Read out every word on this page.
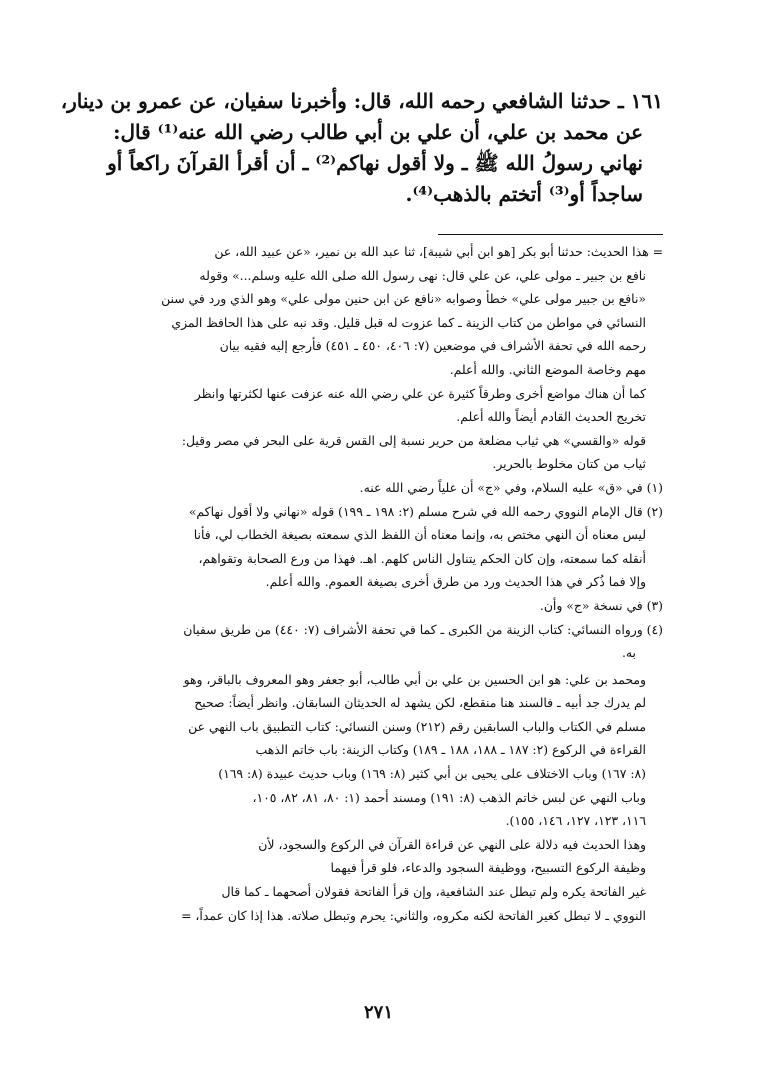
١٦١ ـ حدثنا الشافعي رحمه الله، قال: وأخبرنا سفيان، عن عمرو بن دينار،
عن محمد بن علي، أن علي بن أبي طالب رضي الله عنه⁽¹⁾ قال:
نهاني رسولُ الله ﷺ ـ ولا أقول نهاكم⁽²⁾ ـ أن أقرأ القرآنَ راكعاً أو
ساجداً أو⁽³⁾ أتختم بالذهب⁽⁴⁾.
= هذا الحديث: حدثنا أبو بكر [هو ابن أبي شيبة]، ثنا عبد الله بن نمير، «عن عبيد الله، عن
نافع بن جبير ـ مولى علي، عن علي قال: نهى رسول الله صلى الله عليه وسلم...» وقوله
«نافع بن جبير مولى علي» خطأ وصوابه «نافع عن ابن حنين مولى علي» وهو الذي ورد في سنن
النسائي في مواطن من كتاب الزينة ـ كما عزوت له قبل قليل. وقد نبه على هذا الحافظ المزي
رحمه الله في تحفة الأشراف في موضعين (٧: ٤٠٦، ٤٥٠ ـ ٤٥١) فأرجع إليه فقيه بيان
مهم وخاصة الموضع الثاني. والله أعلم.
كما أن هناك مواضع أخرى وطرقاً كثيرة عن علي رضي الله عنه عزفت عنها لكثرتها وانظر
تخريج الحديث القادم أيضاً والله أعلم.
قوله «والقسي» هي ثياب مضلعة من حرير نسبة إلى القس قرية على البحر في مصر وقيل:
ثياب من كتان مخلوط بالحرير.
(١) في «ق» عليه السلام، وفي «ج» أن علياً رضي الله عنه.
(٢) قال الإمام النووي رحمه الله في شرح مسلم (٢: ١٩٨ ـ ١٩٩) قوله «نهاني ولا أقول نهاكم»
ليس معناه أن النهي مختص به، وإنما معناه أن اللفظ الذي سمعته بصيغة الخطاب لي، فأنا
أنقله كما سمعته، وإن كان الحكم يتناول الناس كلهم. اهـ. فهذا من ورع الصحابة وتقواهم،
وإلا فما ذُكر في هذا الحديث ورد من طرق أخرى بصيغة العموم. والله أعلم.
(٣) في نسخة «ج» وأن.
(٤) ورواه النسائي: كتاب الزينة من الكبرى ـ كما في تحفة الأشراف (٧: ٤٤٠) من طريق سفيان
به.
ومحمد بن علي: هو ابن الحسين بن علي بن أبي طالب، أبو جعفر وهو المعروف بالباقر، وهو
لم يدرك جد أبيه ـ فالسند هنا منقطع، لكن يشهد له الحديثان السابقان. وانظر أيضاً: صحيح
مسلم في الكتاب والباب السابقين رقم (٢١٢) وسنن النسائي: كتاب التطبيق باب النهي عن
القراءة في الركوع (٢: ١٨٧ ـ ١٨٨، ١٨٨ ـ ١٨٩) وكتاب الزينة: باب خاتم الذهب
(٨: ١٦٧) وباب الاختلاف على يحيى بن أبي كثير (٨: ١٦٩) وباب حديث عبيدة (٨: ١٦٩)
وباب النهي عن لبس خاتم الذهب (٨: ١٩١) ومسند أحمد (١: ٨٠، ٨١، ٨٢، ١٠٥،
١١٦، ١٢٣، ١٢٧، ١٤٦، ١٥٥).
وهذا الحديث فيه دلالة على النهي عن قراءة القرآن في الركوع والسجود، لأن
وظيفة الركوع التسبيح، ووظيفة السجود والدعاء، فلو قرأ فيهما
غير الفاتحة يكره ولم تبطل عند الشافعية، وإن قرأ الفاتحة فقولان أصحهما ـ كما قال
النووي ـ لا تبطل كغير الفاتحة لكنه مكروه، والثاني: يحرم وتبطل صلاته. هذا إذا كان عمداً، =
٢٧١
